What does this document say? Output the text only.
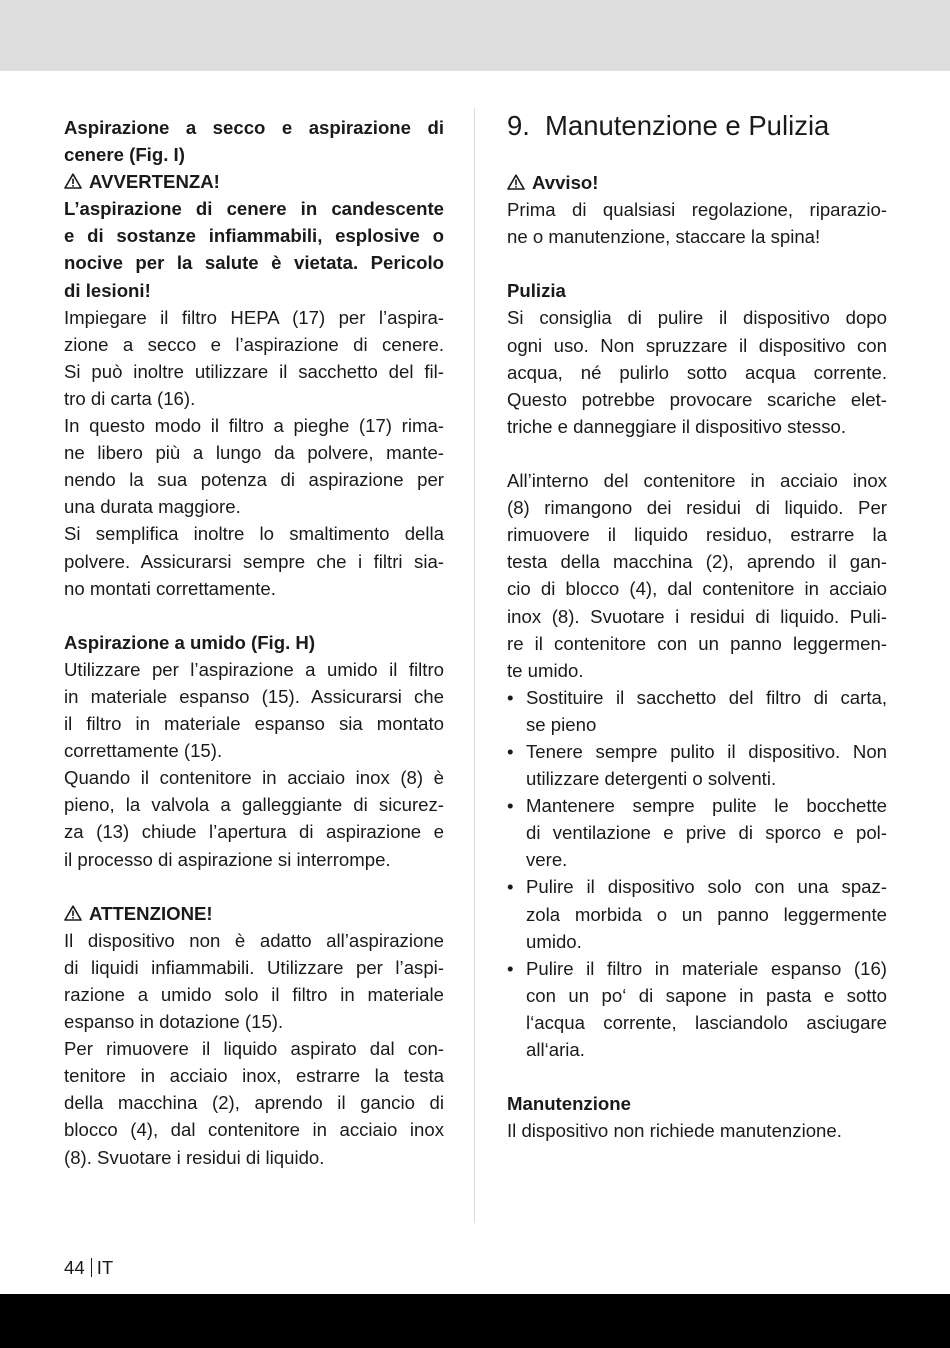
Aspirazione a secco e aspirazione di

cenere (Fig. I)

AVVERTENZA!

L’aspirazione di cenere in candescente

e di sostanze infiammabili, esplosive o

nocive per la salute è vietata. Pericolo

di lesioni!

Impiegare il filtro HEPA (17) per l’aspira-

zione a secco e l’aspirazione di cenere.

Si può inoltre utilizzare il sacchetto del fil-

tro di carta (16).

In questo modo il filtro a pieghe (17) rima-

ne libero più a lungo da polvere, mante-

nendo la sua potenza di aspirazione per

una durata maggiore.

Si semplifica inoltre lo smaltimento della

polvere. Assicurarsi sempre che i filtri sia-

no montati correttamente.

Aspirazione a umido (Fig. H)

Utilizzare per l’aspirazione a umido il filtro

in materiale espanso (15). Assicurarsi che

il filtro in materiale espanso sia montato

correttamente (15).

Quando il contenitore in acciaio inox (8) è

pieno, la valvola a galleggiante di sicurez-

za (13) chiude l’apertura di aspirazione e

il processo di aspirazione si interrompe.

ATTENZIONE!

Il dispositivo non è adatto all’aspirazione

di liquidi infiammabili. Utilizzare per l’aspi-

razione a umido solo il filtro in materiale

espanso in dotazione (15).

Per rimuovere il liquido aspirato dal con-

tenitore in acciaio inox, estrarre la testa

della macchina (2), aprendo il gancio di

blocco (4), dal contenitore in acciaio inox

(8). Svuotare i residui di liquido.

9. Manutenzione e Pulizia

Avviso!

Prima di qualsiasi regolazione, riparazio-

ne o manutenzione, staccare la spina!

Pulizia

Si consiglia di pulire il dispositivo dopo

ogni uso. Non spruzzare il dispositivo con

acqua, né pulirlo sotto acqua corrente.

Questo potrebbe provocare scariche elet-

triche e danneggiare il dispositivo stesso.

All’interno del contenitore in acciaio inox

(8) rimangono dei residui di liquido. Per

rimuovere il liquido residuo, estrarre la

testa della macchina (2), aprendo il gan-

cio di blocco (4), dal contenitore in acciaio

inox (8). Svuotare i residui di liquido. Puli-

re il contenitore con un panno leggermen-

te umido.

• Sostituire il sacchetto del filtro di carta,
se pieno
• Tenere sempre pulito il dispositivo. Non
utilizzare detergenti o solventi.
• Mantenere sempre pulite le bocchette
di ventilazione e prive di sporco e pol-
vere.
• Pulire il dispositivo solo con una spaz-
zola morbida o un panno leggermente
umido.
• Pulire il filtro in materiale espanso (16)
con un po‘ di sapone in pasta e sotto
l‘acqua corrente, lasciandolo asciugare
all‘aria.

Manutenzione

Il dispositivo non richiede manutenzione.

44 IT
